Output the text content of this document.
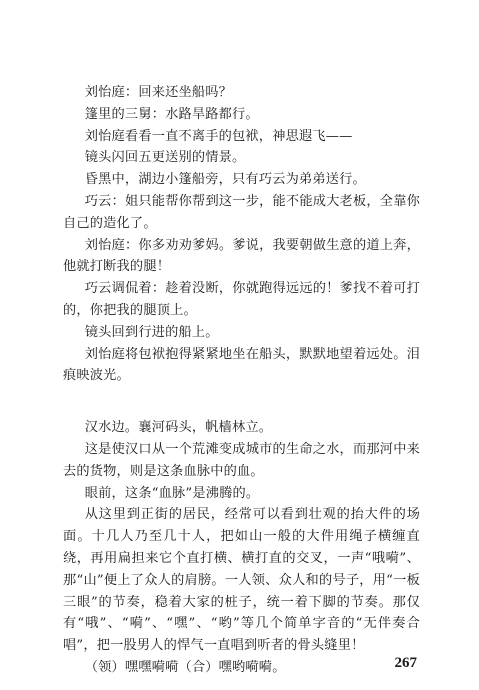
刘怡庭：回来还坐船吗？

篷里的三舅：水路旱路都行。

刘怡庭看看一直不离手的包袱，神思遐飞——

镜头闪回五更送别的情景。

昏黑中，湖边小篷船旁，只有巧云为弟弟送行。

巧云：姐只能帮你帮到这一步，能不能成大老板，全靠你自己的造化了。

刘怡庭：你多劝劝爹妈。爹说，我要朝做生意的道上奔，他就打断我的腿！

巧云调侃着：趁着没断，你就跑得远远的！爹找不着可打的，你把我的腿顶上。

镜头回到行进的船上。

刘怡庭将包袱抱得紧紧地坐在船头，默默地望着远处。泪痕映波光。

汉水边。襄河码头，帆樯林立。

这是使汉口从一个荒滩变成城市的生命之水，而那河中来去的货物，则是这条血脉中的血。

眼前，这条“血脉”是沸腾的。

从这里到正街的居民，经常可以看到壮观的抬大件的场面。十几人乃至几十人，把如山一般的大件用绳子横缠直绕，再用扁担来它个直打横、横打直的交叉，一声“哦嗬”、那“山”便上了众人的肩膀。一人领、众人和的号子，用“一板三眼”的节奏，稳着大家的桩子，统一着下脚的节奏。那仅有“哦”、“嗬”、“嘿”、“哟”等几个简单字音的“无伴奏合唱”，把一股男人的悍气一直唱到听者的骨头缝里！

（领）嘿嘿嗬嗬（合）嘿哟嗬嗬。	267
